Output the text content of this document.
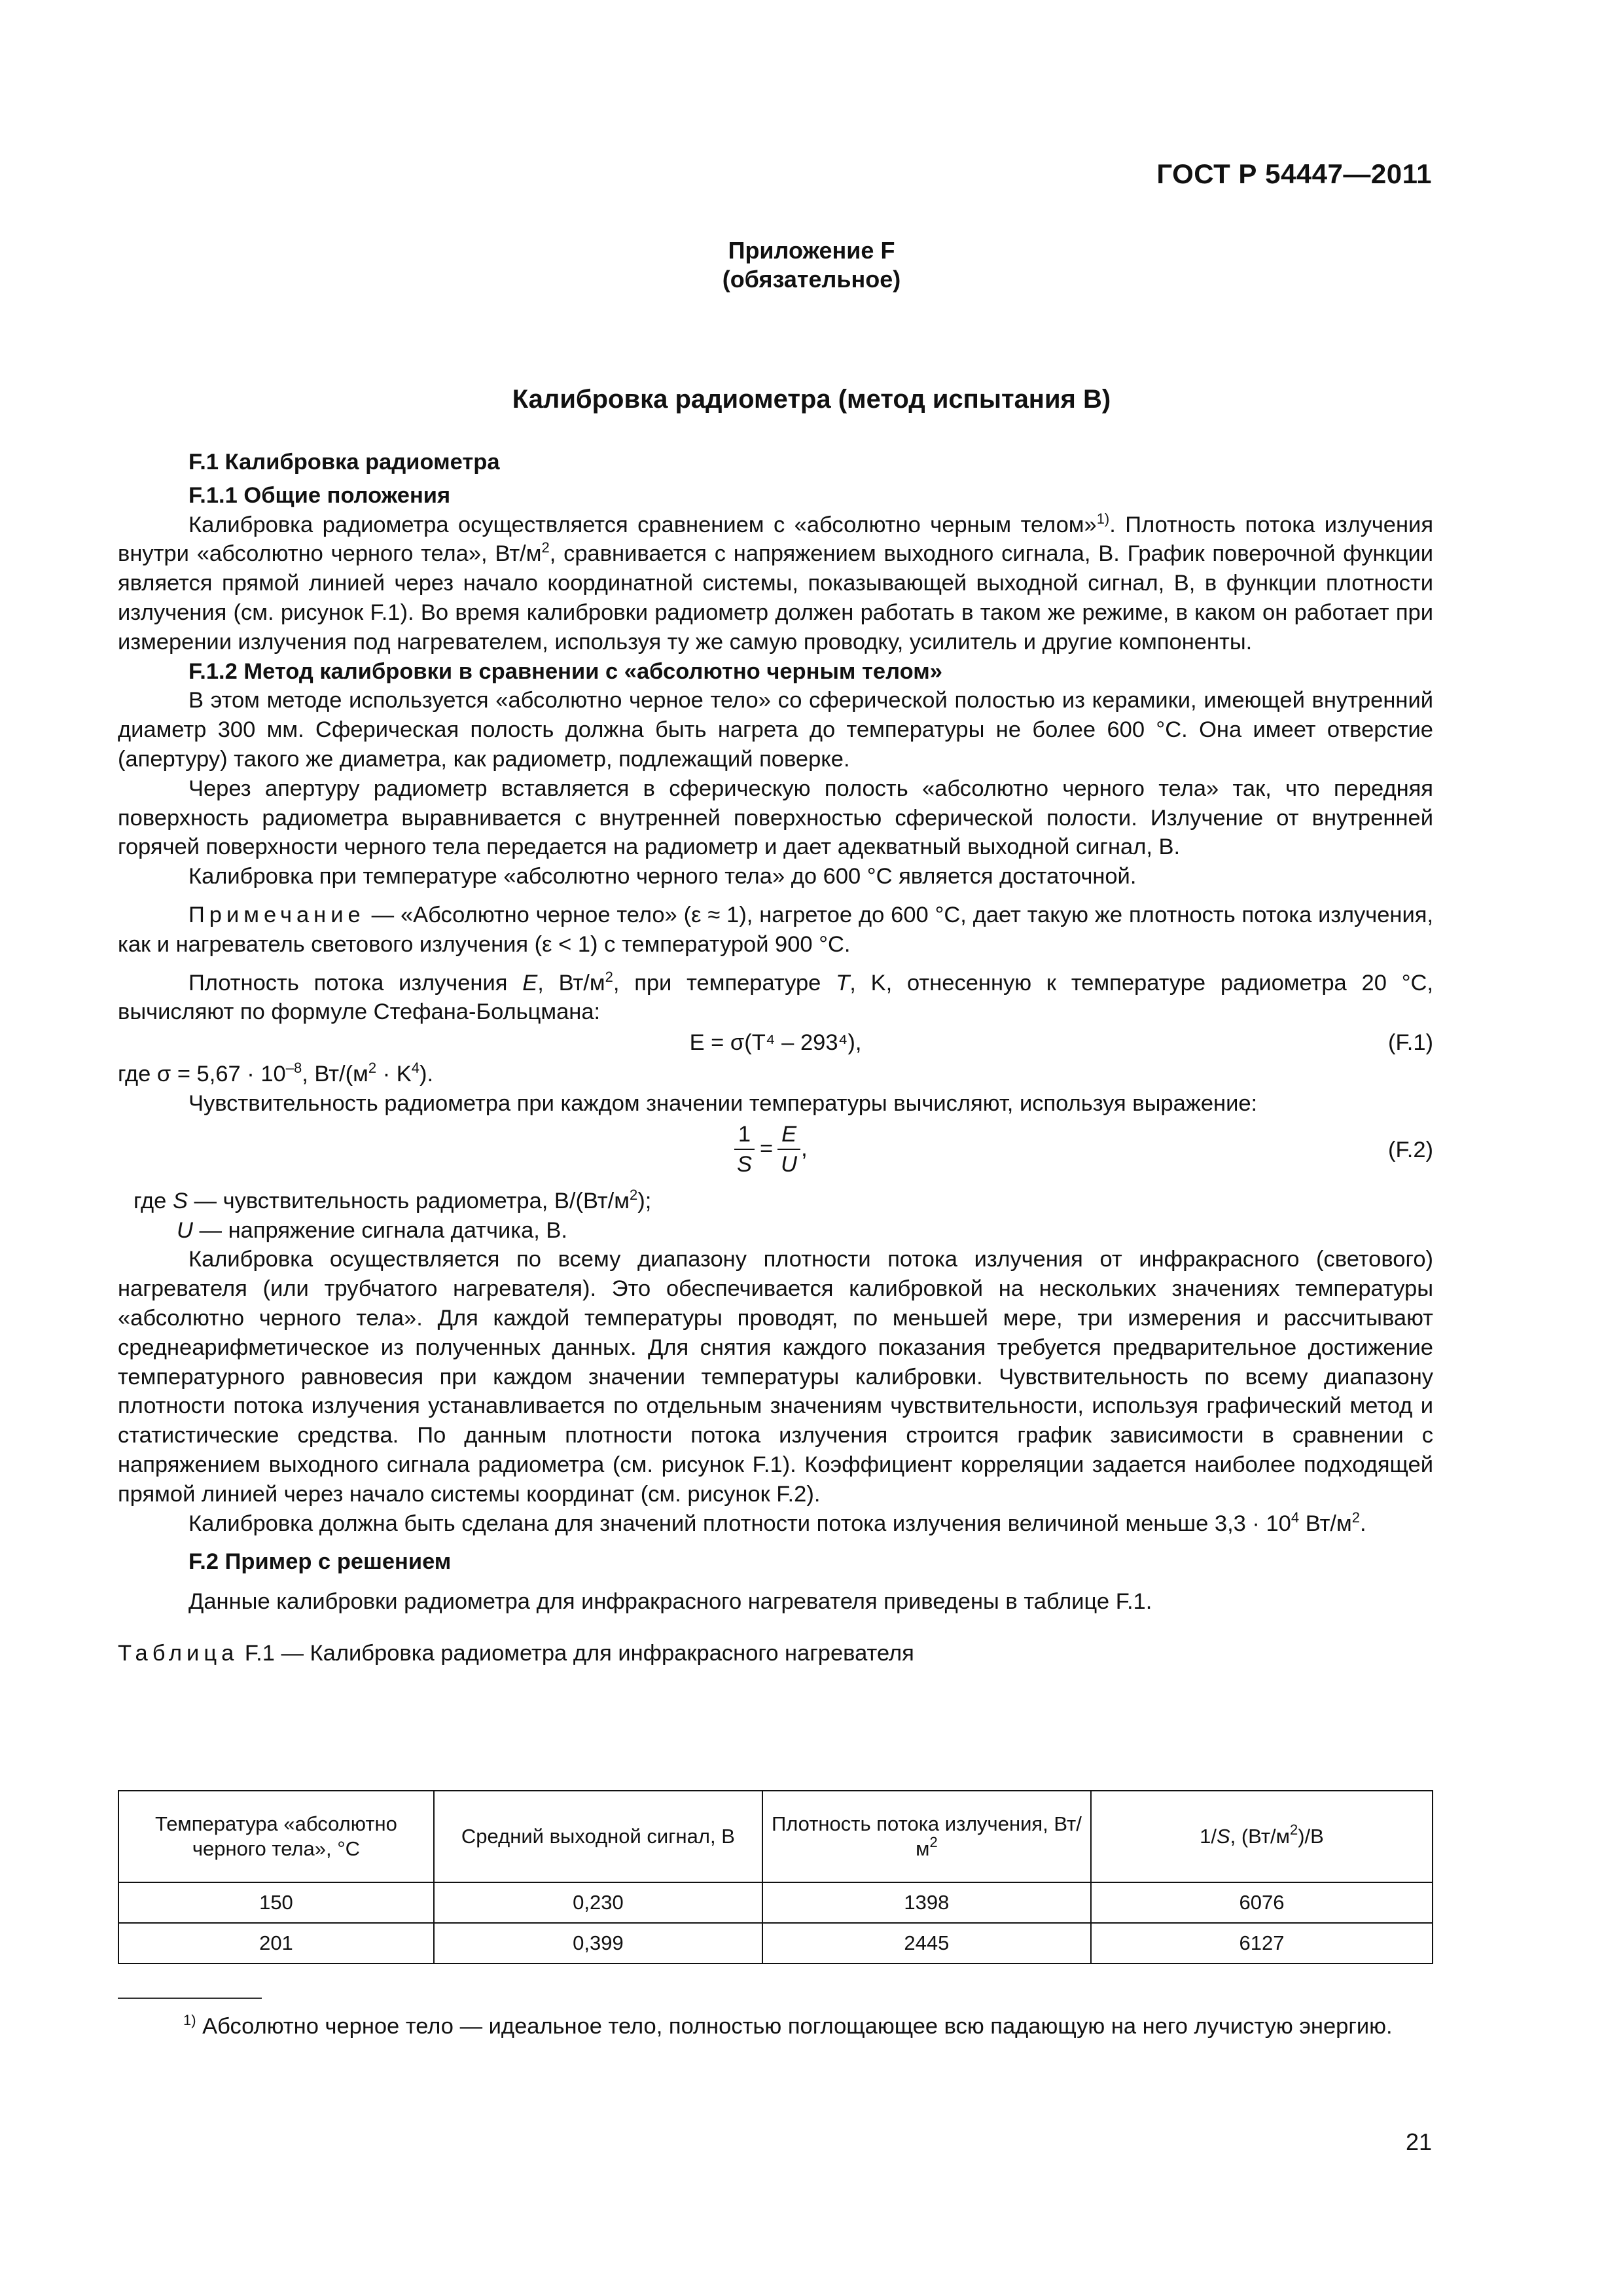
ГОСТ Р 54447—2011
Приложение F
(обязательное)
Калибровка радиометра (метод испытания В)

F.1 Калибровка радиометра

F.1.1 Общие положения

Калибровка радиометра осуществляется сравнением с «абсолютно черным телом»$^{1)}$. Плотность потока излучения внутри «абсолютно черного тела», $Вт/м^2$, сравнивается с напряжением выходного сигнала, В. График поверочной функции является прямой линией через начало координатной системы, показывающей выходной сигнал, В, в функции плотности излучения (см. рисунок F.1). Во время калибровки радиометр должен работать в таком же режиме, в каком он работает при измерении излучения под нагревателем, используя ту же самую проводку, усилитель и другие компоненты.

F.1.2 Метод калибровки в сравнении с «абсолютно черным телом»

В этом методе используется «абсолютно черное тело» со сферической полостью из керамики, имеющей внутренний диаметр 300 мм. Сферическая полость должна быть нагрета до температуры не более 600 °С. Она имеет отверстие (апертуру) такого же диаметра, как радиометр, подлежащий поверке.

Через апертуру радиометр вставляется в сферическую полость «абсолютно черного тела» так, что передняя поверхность радиометра выравнивается с внутренней поверхностью сферической полости. Излучение от внутренней горячей поверхности черного тела передается на радиометр и дает адекватный выходной сигнал, В.

Калибровка при температуре «абсолютно черного тела» до 600 °С является достаточной.

Примечание — «Абсолютно черное тело» (ε ≈ 1), нагретое до 600 °С, дает такую же плотность потока излучения, как и нагреватель светового излучения (ε < 1) с температурой 900 °С.

Плотность потока излучения E, $Вт/м^2$, при температуре T, K, отнесенную к температуре радиометра 20 °С, вычисляют по формуле Стефана-Больцмана:

E = σ(T⁴ – 293⁴),	(F.1)

где $\sigma = 5,67 \cdot 10^{-8}$, $Вт/(м^2 \cdot K^4)$.

Чувствительность радиометра при каждом значении температуры вычисляют, используя выражение:

$\frac{1}{S} = \frac{E}{U}$ ,	(F.2)

где S — чувствительность радиометра, $В/(Вт/м^2)$;

U — напряжение сигнала датчика, В.

Калибровка осуществляется по всему диапазону плотности потока излучения от инфракрасного (светового) нагревателя (или трубчатого нагревателя). Это обеспечивается калибровкой на нескольких значениях температуры «абсолютно черного тела». Для каждой температуры проводят, по меньшей мере, три измерения и рассчитывают среднеарифметическое из полученных данных. Для снятия каждого показания требуется предварительное достижение температурного равновесия при каждом значении температуры калибровки. Чувствительность по всему диапазону плотности потока излучения устанавливается по отдельным значениям чувствительности, используя графический метод и статистические средства. По данным плотности потока излучения строится график зависимости в сравнении с напряжением выходного сигнала радиометра (см. рисунок F.1). Коэффициент корреляции задается наиболее подходящей прямой линией через начало системы координат (см. рисунок F.2).

Калибровка должна быть сделана для значений плотности потока излучения величиной меньше $3,3 \cdot 10^4$ $Вт/м^2$.

F.2 Пример с решением

Данные калибровки радиометра для инфракрасного нагревателя приведены в таблице F.1.

Таблица F.1 — Калибровка радиометра для инфракрасного нагревателя

Температура «абсолютно черного тела», °С	Средний выходной сигнал, В	Плотность потока излучения, $Вт/м^2$	1/S, $(Вт/м^2)/В$
150	0,230	1398	6076
201	0,399	2445	6127
$^{1)}$ Абсолютно черное тело — идеальное тело, полностью поглощающее всю падающую на него лучистую энергию.
21
